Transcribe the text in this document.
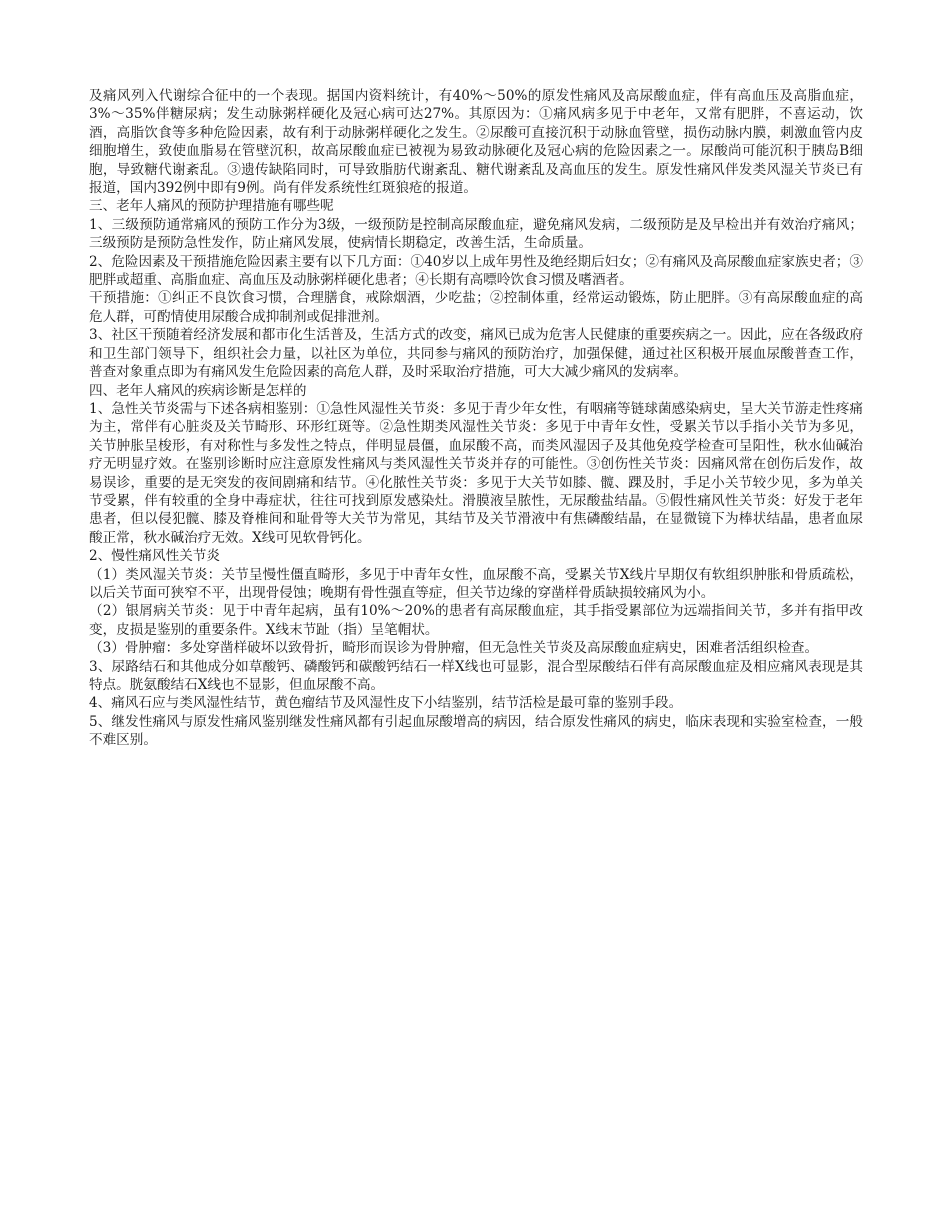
及痛风列入代谢综合征中的一个表现。据国内资料统计，有40%～50%的原发性痛风及高尿酸血症，伴有高血压及高脂血症，3%～35%伴糖尿病；发生动脉粥样硬化及冠心病可达27%。其原因为：①痛风病多见于中老年，又常有肥胖，不喜运动，饮酒，高脂饮食等多种危险因素，故有利于动脉粥样硬化之发生。②尿酸可直接沉积于动脉血管壁，损伤动脉内膜，刺激血管内皮细胞增生，致使血脂易在管壁沉积，故高尿酸血症已被视为易致动脉硬化及冠心病的危险因素之一。尿酸尚可能沉积于胰岛B细胞，导致糖代谢紊乱。③遗传缺陷同时，可导致脂肪代谢紊乱、糖代谢紊乱及高血压的发生。原发性痛风伴发类风湿关节炎已有报道，国内392例中即有9例。尚有伴发系统性红斑狼疮的报道。

三、老年人痛风的预防护理措施有哪些呢

1、三级预防通常痛风的预防工作分为3级，一级预防是控制高尿酸血症，避免痛风发病，二级预防是及早检出并有效治疗痛风；三级预防是预防急性发作，防止痛风发展，使病情长期稳定，改善生活，生命质量。

2、危险因素及干预措施危险因素主要有以下几方面：①40岁以上成年男性及绝经期后妇女；②有痛风及高尿酸血症家族史者；③肥胖或超重、高脂血症、高血压及动脉粥样硬化患者；④长期有高嘌呤饮食习惯及嗜酒者。

干预措施：①纠正不良饮食习惯，合理膳食，戒除烟酒，少吃盐；②控制体重，经常运动锻炼，防止肥胖。③有高尿酸血症的高危人群，可酌情使用尿酸合成抑制剂或促排泄剂。

3、社区干预随着经济发展和都市化生活普及，生活方式的改变，痛风已成为危害人民健康的重要疾病之一。因此，应在各级政府和卫生部门领导下，组织社会力量，以社区为单位，共同参与痛风的预防治疗，加强保健，通过社区积极开展血尿酸普查工作，普查对象重点即为有痛风发生危险因素的高危人群，及时采取治疗措施，可大大减少痛风的发病率。

四、老年人痛风的疾病诊断是怎样的

1、急性关节炎需与下述各病相鉴别：①急性风湿性关节炎：多见于青少年女性，有咽痛等链球菌感染病史，呈大关节游走性疼痛为主，常伴有心脏炎及关节畸形、环形红斑等。②急性期类风湿性关节炎：多见于中青年女性，受累关节以手指小关节为多见，关节肿胀呈梭形，有对称性与多发性之特点，伴明显晨僵，血尿酸不高，而类风湿因子及其他免疫学检查可呈阳性，秋水仙碱治疗无明显疗效。在鉴别诊断时应注意原发性痛风与类风湿性关节炎并存的可能性。③创伤性关节炎：因痛风常在创伤后发作，故易误诊，重要的是无突发的夜间剧痛和结节。④化脓性关节炎：多见于大关节如膝、髋、踝及肘，手足小关节较少见，多为单关节受累，伴有较重的全身中毒症状，往往可找到原发感染灶。滑膜液呈脓性，无尿酸盐结晶。⑤假性痛风性关节炎：好发于老年患者，但以侵犯髋、膝及脊椎间和耻骨等大关节为常见，其结节及关节滑液中有焦磷酸结晶，在显微镜下为棒状结晶，患者血尿酸正常，秋水碱治疗无效。X线可见软骨钙化。

2、慢性痛风性关节炎

（1）类风湿关节炎：关节呈慢性僵直畸形，多见于中青年女性，血尿酸不高，受累关节X线片早期仅有软组织肿胀和骨质疏松，以后关节面可狭窄不平，出现骨侵蚀；晚期有骨性强直等症，但关节边缘的穿凿样骨质缺损较痛风为小。

（2）银屑病关节炎：见于中青年起病，虽有10%～20%的患者有高尿酸血症，其手指受累部位为远端指间关节，多并有指甲改变，皮损是鉴别的重要条件。X线末节趾（指）呈笔帽状。

（3）骨肿瘤：多处穿凿样破坏以致骨折，畸形而误诊为骨肿瘤，但无急性关节炎及高尿酸血症病史，困难者活组织检查。

3、尿路结石和其他成分如草酸钙、磷酸钙和碳酸钙结石一样X线也可显影，混合型尿酸结石伴有高尿酸血症及相应痛风表现是其特点。胱氨酸结石X线也不显影，但血尿酸不高。

4、痛风石应与类风湿性结节，黄色瘤结节及风湿性皮下小结鉴别，结节活检是最可靠的鉴别手段。

5、继发性痛风与原发性痛风鉴别继发性痛风都有引起血尿酸增高的病因，结合原发性痛风的病史，临床表现和实验室检查，一般不难区别。
